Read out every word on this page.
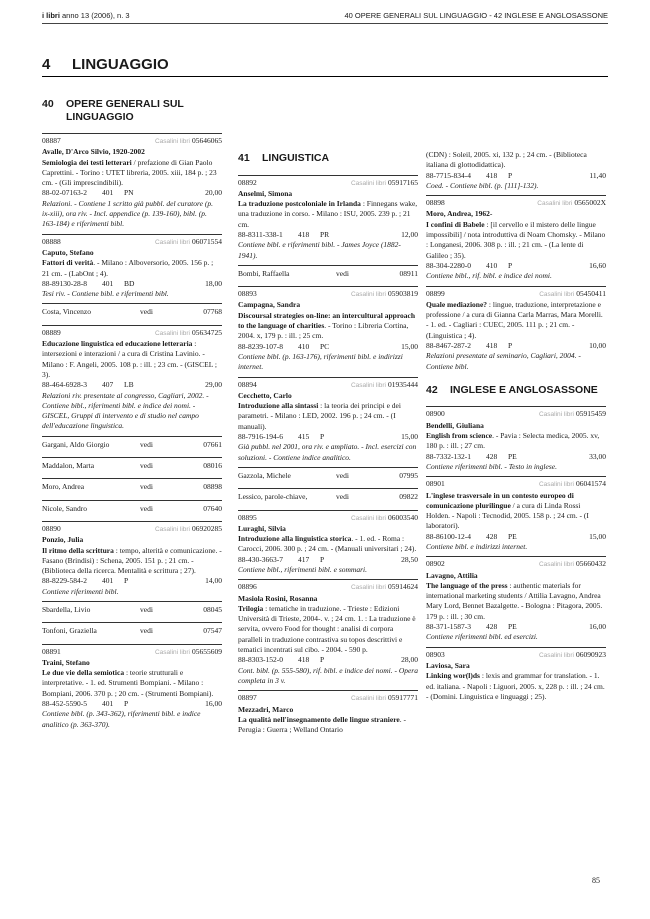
i libri anno 13 (2006), n. 3	40 OPERE GENERALI SUL LINGUAGGIO - 42 INGLESE E ANGLOSASSONE
4 LINGUAGGIO
40	OPERE GENERALI SUL LINGUAGGIO
08887	Casalini libri 05646065
Avalle, D'Arco Silvio, 1920-2002
Semiologia dei testi letterari / prefazione di Gian Paolo Caprettini. - Torino : UTET libreria, 2005. xiii, 184 p. ; 23 cm. - (Gli imprescindibili).
88-02-07163-2	401	PN	20,00
Relazioni. - Contiene 1 scritto già pubbl. del curatore (p. ix-xiii), ora riv. - Incl. appendice (p. 139-160), bibl. (p. 163-184) e riferimenti bibl.
08888	Casalini libri 06071554
Caputo, Stefano
Fattori di verità. - Milano : Alboversorio, 2005. 156 p. ; 21 cm. - (LabOnt ; 4).
88-89130-28-8	401	BD	18,00
Tesi riv. - Contiene bibl. e riferimenti bibl.
Costa, Vincenzo	vedi	07768
08889	Casalini libri 05634725
Educazione linguistica ed educazione letteraria : intersezioni e interazioni / a cura di Cristina Lavinio. - Milano : F. Angeli, 2005. 108 p. : ill. ; 23 cm. - (GISCEL ; 3).
88-464-6928-3	407	LB	29,00
Relazioni riv. presentate al congresso, Cagliari, 2002. - Contiene bibl., riferimenti bibl. e indice dei nomi. - GISCEL, Gruppi di intervento e di studio nel campo dell'educazione linguistica.
Gargani, Aldo Giorgio	vedi	07661
Maddalon, Marta	vedi	08016
Moro, Andrea	vedi	08898
Nicole, Sandro	vedi	07640
08890	Casalini libri 06920285
Ponzio, Julia
Il ritmo della scrittura : tempo, alterità e comunicazione. - Fasano (Brindisi) : Schena, 2005. 151 p. ; 21 cm. - (Biblioteca della ricerca. Mentalità e scrittura ; 27).
88-8229-584-2	401	P	14,00
Contiene riferimenti bibl.
Sbardella, Livio	vedi	08045
Tonfoni, Graziella	vedi	07547
08891	Casalini libri 05655609
Traini, Stefano
Le due vie della semiotica : teorie strutturali e interpretative. - 1. ed. Strumenti Bompiani. - Milano : Bompiani, 2006. 370 p. ; 20 cm. - (Strumenti Bompiani).
88-452-5590-5	401	P	16,00
Contiene bibl. (p. 343-362), riferimenti bibl. e indice analitico (p. 363-370).
41	LINGUISTICA
08892	Casalini libri 05917165
Anselmi, Simona
La traduzione postcoloniale in Irlanda : Finnegans wake, una traduzione in corso. - Milano : ISU, 2005. 239 p. ; 21 cm.
88-8311-338-1	418	PR	12,00
Contiene bibl. e riferimenti bibl. - James Joyce (1882-1941).
Bombi, Raffaella	vedi	08911
08893	Casalini libri 05903819
Campagna, Sandra
Discoursal strategies on-line: an intercultural approach to the language of charities. - Torino : Libreria Cortina, 2004. x, 179 p. : ill. ; 25 cm.
88-8239-107-8	410	PC	15,00
Contiene bibl. (p. 163-176), riferimenti bibl. e indirizzi internet.
08894	Casalini libri 01935444
Cecchetto, Carlo
Introduzione alla sintassi : la teoria dei principi e dei parametri. - Milano : LED, 2002. 196 p. ; 24 cm. - (I manuali).
88-7916-194-6	415	P	15,00
Già pubbl. nel 2001, ora riv. e ampliato. - Incl. esercizi con soluzioni. - Contiene indice analitico.
Gazzola, Michele	vedi	07995
Lessico, parole-chiave,	vedi	09822
08895	Casalini libri 06003540
Luraghi, Silvia
Introduzione alla linguistica storica. - 1. ed. - Roma : Carocci, 2006. 300 p. ; 24 cm. - (Manuali universitari ; 24).
88-430-3663-7	417	P	28,50
Contiene bibl., riferimenti bibl. e sommari.
08896	Casalini libri 05914624
Masiola Rosini, Rosanna
Trilogia : tematiche in traduzione. - Trieste : Edizioni Università di Trieste, 2004-. v. ; 24 cm. 1. : La traduzione è servita, ovvero Food for thought : analisi di corpora paralleli in traduzione contrastiva su topos descrittivi e tematici incentrati sul cibo. - 2004. - 590 p.
88-8303-152-0	418	P	28,00
Cont. bibl. (p. 555-580), rif. bibl. e indice dei nomi. - Opera completa in 3 v.
08897	Casalini libri 05917771
Mezzadri, Marco
La qualità nell'insegnamento delle lingue straniere. - Perugia : Guerra ; Welland Ontario
(CDN) : Soleil, 2005. xi, 132 p. ; 24 cm. - (Biblioteca italiana di glottodidattica).
88-7715-834-4	418	P	11,40
Coed. - Contiene bibl. (p. [111]-132).
08898	Casalini libri 0565002X
Moro, Andrea, 1962-
I confini di Babele : [il cervello e il mistero delle lingue impossibili] / nota introduttiva di Noam Chomsky. - Milano : Longanesi, 2006. 308 p. : ill. ; 21 cm. - (La lente di Galileo ; 35).
88-304-2280-0	410	P	16,60
Contiene bibl., rif. bibl. e indice dei nomi.
08899	Casalini libri 05450411
Quale mediazione? : lingue, traduzione, interpretazione e professione / a cura di Gianna Carla Marras, Mara Morelli. - 1. ed. - Cagliari : CUEC, 2005. 111 p. ; 21 cm. - (Linguistica ; 4).
88-8467-287-2	418	P	10,00
Relazioni presentate al seminario, Cagliari, 2004. - Contiene bibl.
42	INGLESE E ANGLOSASSONE
08900	Casalini libri 05915459
Bendelli, Giuliana
English from science. - Pavia : Selecta medica, 2005. xv, 180 p. : ill. ; 27 cm.
88-7332-132-1	428	PE	33,00
Contiene riferimenti bibl. - Testo in inglese.
08901	Casalini libri 06041574
L'inglese trasversale in un contesto europeo di comunicazione plurilingue / a cura di Linda Rossi Holden. - Napoli : Tecnodid, 2005. 158 p. ; 24 cm. - (I laboratori).
88-86100-12-4	428	PE	15,00
Contiene bibl. e indirizzi internet.
08902	Casalini libri 05660432
Lavagno, Attilia
The language of the press : authentic materials for international marketing students / Attilia Lavagno, Andrea Mary Lord, Bennet Bazalgette. - Bologna : Pitagora, 2005. 179 p. : ill. ; 30 cm.
88-371-1587-3	428	PE	16,00
Contiene riferimenti bibl. ed esercizi.
08903	Casalini libri 06090923
Laviosa, Sara
Linking wor(l)ds : lexis and grammar for translation. - 1. ed. italiana. - Napoli : Liguori, 2005. x, 228 p. : ill. ; 24 cm. - (Domini. Linguistica e linguaggi ; 25).
85
